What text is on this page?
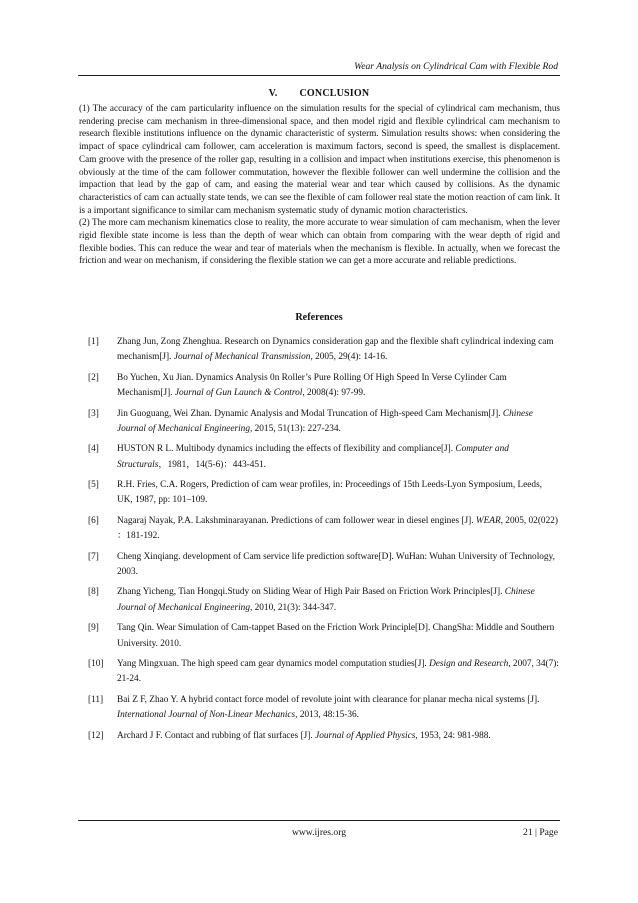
Wear Analysis on Cylindrical Cam with Flexible Rod
V. CONCLUSION

(1) The accuracy of the cam particularity influence on the simulation results for the special of cylindrical cam mechanism, thus rendering precise cam mechanism in three-dimensional space, and then model rigid and flexible cylindrical cam mechanism to research flexible institutions influence on the dynamic characteristic of systerm. Simulation results shows: when considering the impact of space cylindrical cam follower, cam acceleration is maximum factors, second is speed, the smallest is displacement. Cam groove with the presence of the roller gap, resulting in a collision and impact when institutions exercise, this phenomenon is obviously at the time of the cam follower commutation, however the flexible follower can well undermine the collision and the impaction that lead by the gap of cam, and easing the material wear and tear which caused by collisions. As the dynamic characteristics of cam can actually state tends, we can see the flexible of cam follower real state the motion reaction of cam link. It is a important significance to similar cam mechanism systematic study of dynamic motion characteristics.

(2) The more cam mechanism kinematics close to reality, the more accurate to wear simulation of cam mechanism, when the lever rigid flexible state income is less than the depth of wear which can obtain from comparing with the wear depth of rigid and flexible bodies. This can reduce the wear and tear of materials when the mechanism is flexible. In actually, when we forecast the friction and wear on mechanism, if considering the flexible station we can get a more accurate and reliable predictions.

References
[1] Zhang Jun, Zong Zhenghua. Research on Dynamics consideration gap and the flexible shaft cylindrical indexing cam mechanism[J]. Journal of Mechanical Transmission, 2005, 29(4): 14-16.
[2] Bo Yuchen, Xu Jian. Dynamics Analysis 0n Roller’s Pure Rolling Of High Speed In Verse Cylinder Cam Mechanism[J]. Journal of Gun Launch & Control, 2008(4): 97-99.
[3] Jin Guoguang, Wei Zhan. Dynamic Analysis and Modal Truncation of High-speed Cam Mechanism[J]. Chinese Journal of Mechanical Engineering, 2015, 51(13): 227-234.
[4] HUSTON R L. Multibody dynamics including the effects of flexibility and compliance[J]. Computer and Structurals，1981，14(5-6)：443-451.
[5] R.H. Fries, C.A. Rogers, Prediction of cam wear profiles, in: Proceedings of 15th Leeds-Lyon Symposium, Leeds, UK, 1987, pp: 101–109.
[6] Nagaraj Nayak, P.A. Lakshminarayanan. Predictions of cam follower wear in diesel engines [J]. WEAR, 2005, 02(022) ：181-192.
[7] Cheng Xinqiang. development of Cam service life prediction software[D]. WuHan: Wuhan University of Technology, 2003.
[8] Zhang Yicheng, Tian Hongqi.Study on Sliding Wear of High Pair Based on Friction Work Principles[J]. Chinese Journal of Mechanical Engineering, 2010, 21(3): 344-347.
[9] Tang Qin. Wear Simulation of Cam-tappet Based on the Friction Work Principle[D]. ChangSha: Middle and Southern University. 2010.
[10] Yang Mingxuan. The high speed cam gear dynamics model computation studies[J]. Design and Research, 2007, 34(7): 21-24.
[11] Bai Z F, Zhao Y. A hybrid contact force model of revolute joint with clearance for planar mecha nical systems [J]. International Journal of Non-Linear Mechanics, 2013, 48:15-36.
[12] Archard J F. Contact and rubbing of flat surfaces [J]. Journal of Applied Physics, 1953, 24: 981-988.
www.ijres.org	21 | Page
